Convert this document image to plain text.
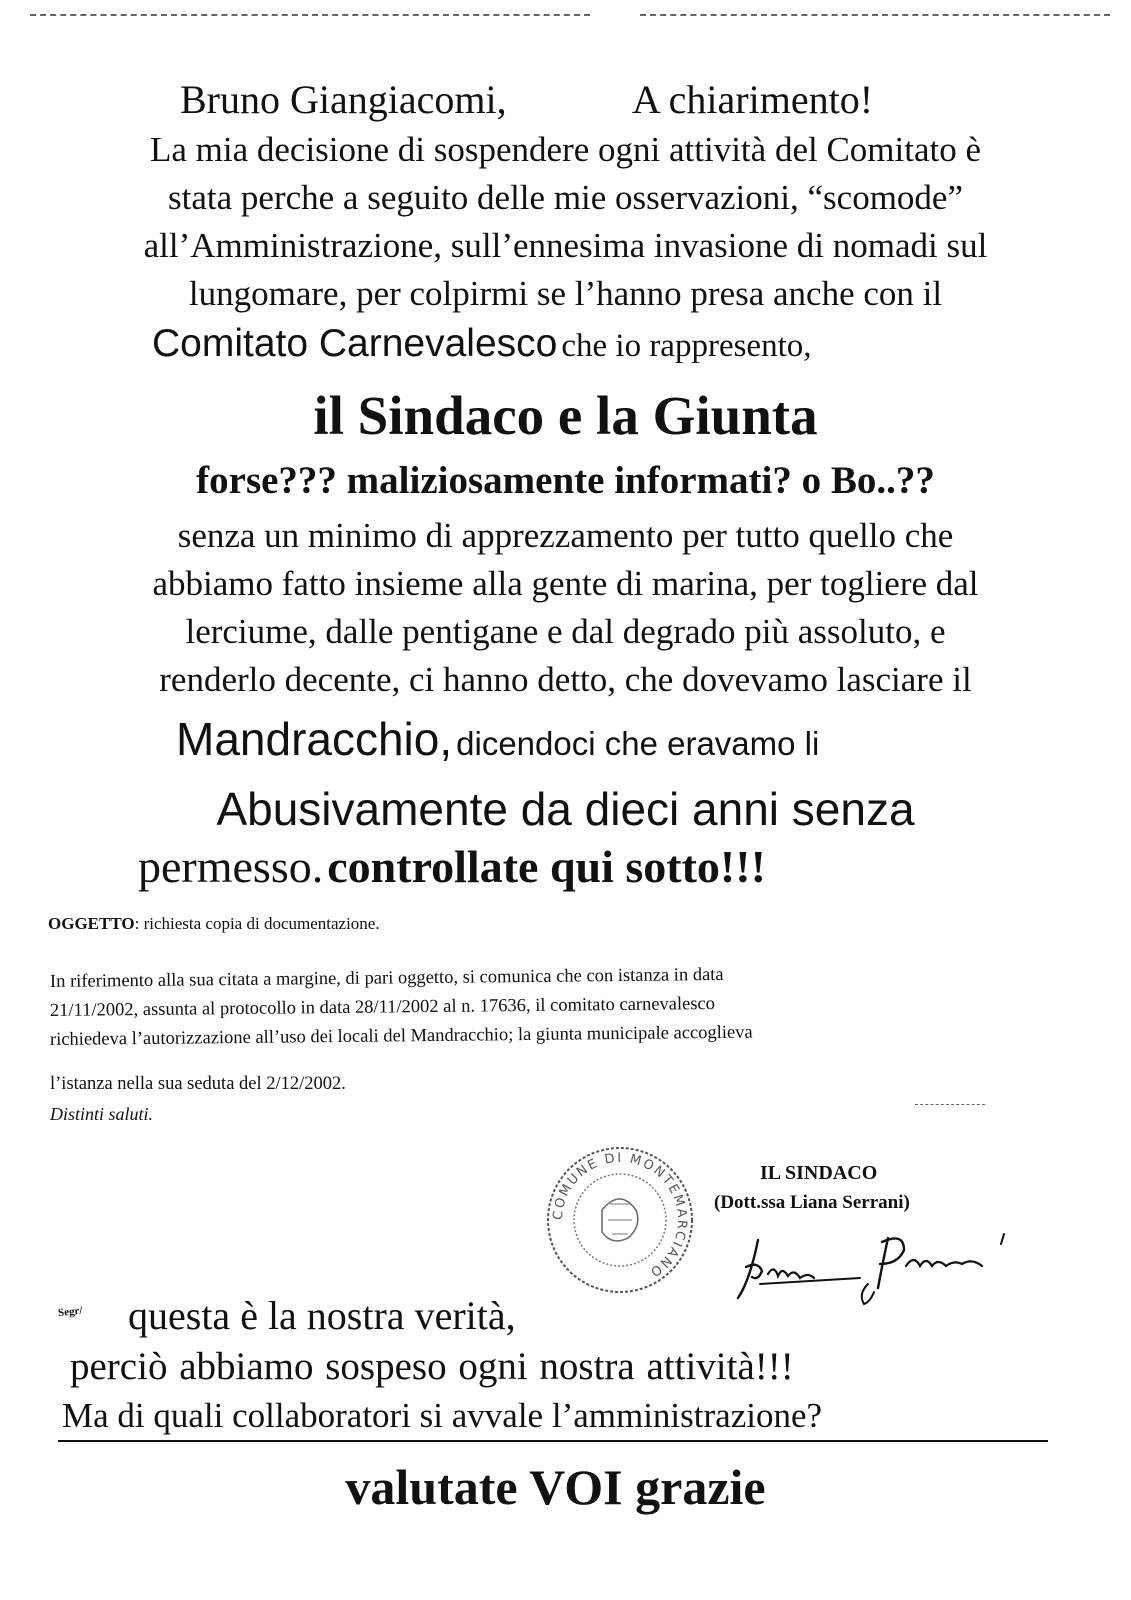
Bruno Giangiacomi,	A chiarimento!
La mia decisione di sospendere ogni attività del Comitato è
stata perche a seguito delle mie osservazioni, “scomode”
all’Amministrazione, sull’ennesima invasione di nomadi sul
lungomare, per colpirmi se l’hanno presa anche con il
Comitato Carnevalesco che io rappresento,
il Sindaco e la Giunta
forse??? maliziosamente informati? o Bo..??
senza un minimo di apprezzamento per tutto quello che
abbiamo fatto insieme alla gente di marina, per togliere dal
lerciume, dalle pentigane e dal degrado più assoluto, e
renderlo decente, ci hanno detto, che dovevamo lasciare il
Mandracchio, dicendoci che eravamo li
Abusivamente da dieci anni senza
permesso. controllate qui sotto!!!
OGGETTO: richiesta copia di documentazione.
In riferimento alla sua citata a margine, di pari oggetto, si comunica che con istanza in data
21/11/2002, assunta al protocollo in data 28/11/2002 al n. 17636, il comitato carnevalesco
richiedeva l’autorizzazione all’uso dei locali del Mandracchio; la giunta municipale accoglieva
l’istanza nella sua seduta del 2/12/2002.
Distinti saluti.
COMUNE DI MONTEMARCIANO
IL SINDACO
(Dott.ssa Liana Serrani)
Segr/ questa è la nostra verità,
perciò abbiamo sospeso ogni nostra attività!!!
Ma di quali collaboratori si avvale l’amministrazione?
valutate VOI grazie
